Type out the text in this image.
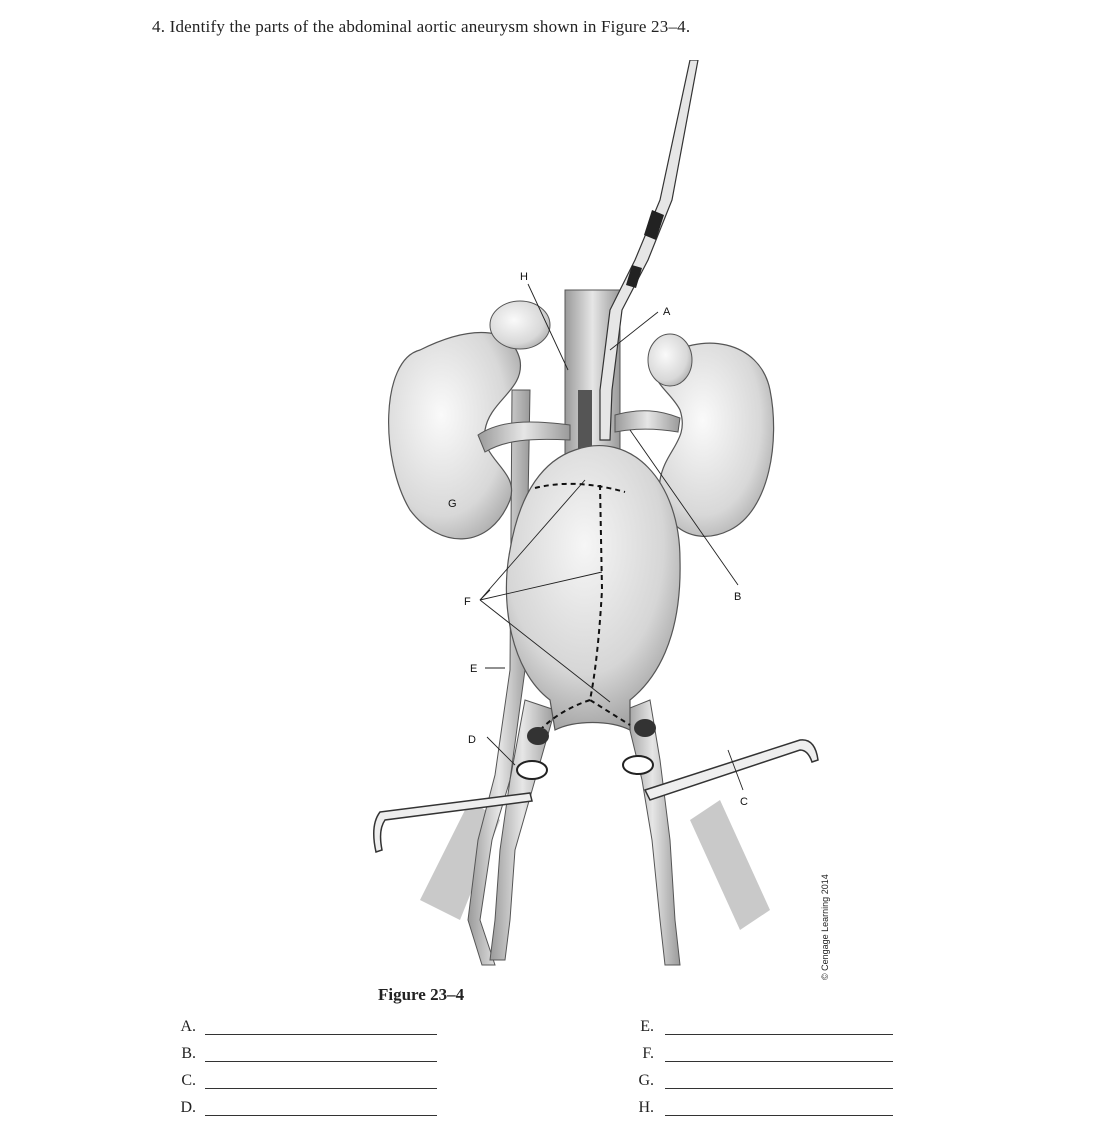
4. Identify the parts of the abdominal aortic aneurysm shown in Figure 23–4.
H
A
B
C
D
E
F
G
© Cengage Learning 2014
Figure 23–4
A.
B.
C.
D.
E.
F.
G.
H.
